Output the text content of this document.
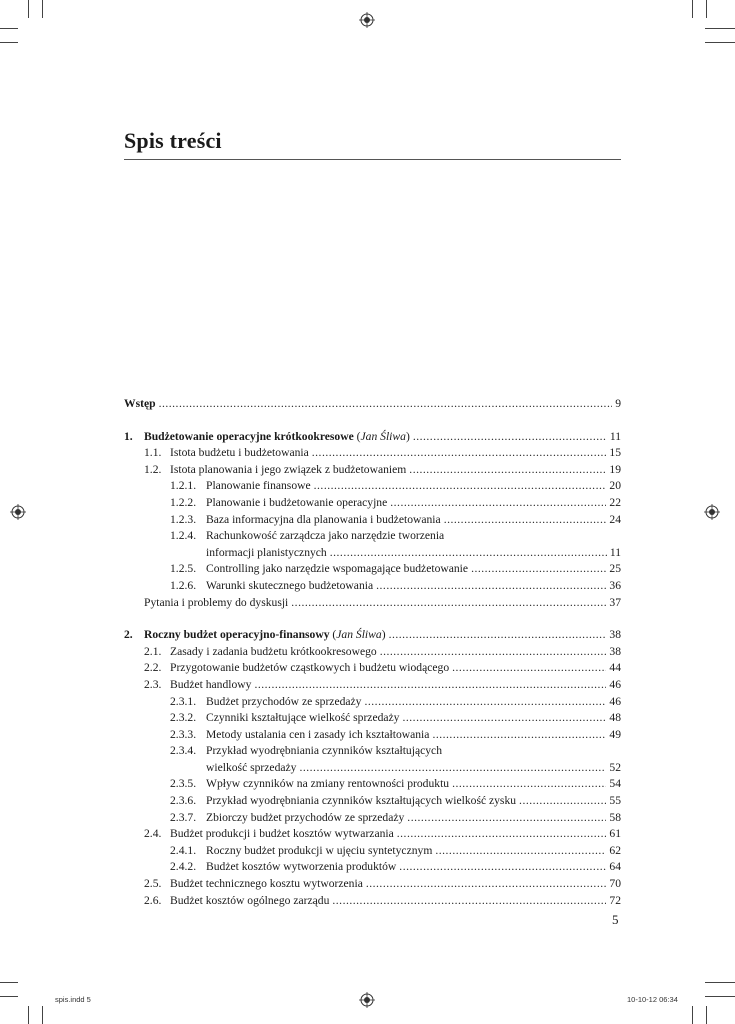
Spis treści
Wstęp . . .	9
1. Budżetowanie operacyjne krótkookresowe (Jan Śliwa) . . .	11
1.1. Istota budżetu i budżetowania . . .	15
1.2. Istota planowania i jego związek z budżetowaniem . . .	19
1.2.1. Planowanie finansowe . . .	20
1.2.2. Planowanie i budżetowanie operacyjne . . .	22
1.2.3. Baza informacyjna dla planowania i budżetowania . . .	24
1.2.4. Rachunkowość zarządcza jako narzędzie tworzenia
informacji planistycznych . . .	11
1.2.5. Controlling jako narzędzie wspomagające budżetowanie . . .	25
1.2.6. Warunki skutecznego budżetowania . . .	36
Pytania i problemy do dyskusji . . .	37
2. Roczny budżet operacyjno-finansowy (Jan Śliwa) . . .	38
2.1. Zasady i zadania budżetu krótkookresowego . . .	38
2.2. Przygotowanie budżetów cząstkowych i budżetu wiodącego . . .	44
2.3. Budżet handlowy . . .	46
2.3.1. Budżet przychodów ze sprzedaży . . .	46
2.3.2. Czynniki kształtujące wielkość sprzedaży . . .	48
2.3.3. Metody ustalania cen i zasady ich kształtowania . . .	49
2.3.4. Przykład wyodrębniania czynników kształtujących
wielkość sprzedaży . . .	52
2.3.5. Wpływ czynników na zmiany rentowności produktu . . .	54
2.3.6. Przykład wyodrębniania czynników kształtujących wielkość zysku . . .	55
2.3.7. Zbiorczy budżet przychodów ze sprzedaży . . .	58
2.4. Budżet produkcji i budżet kosztów wytwarzania . . .	61
2.4.1. Roczny budżet produkcji w ujęciu syntetycznym . . .	62
2.4.2. Budżet kosztów wytworzenia produktów . . .	64
2.5. Budżet technicznego kosztu wytworzenia . . .	70
2.6. Budżet kosztów ogólnego zarządu . . .	72
5
spis.indd 5	10-10-12 06:34
